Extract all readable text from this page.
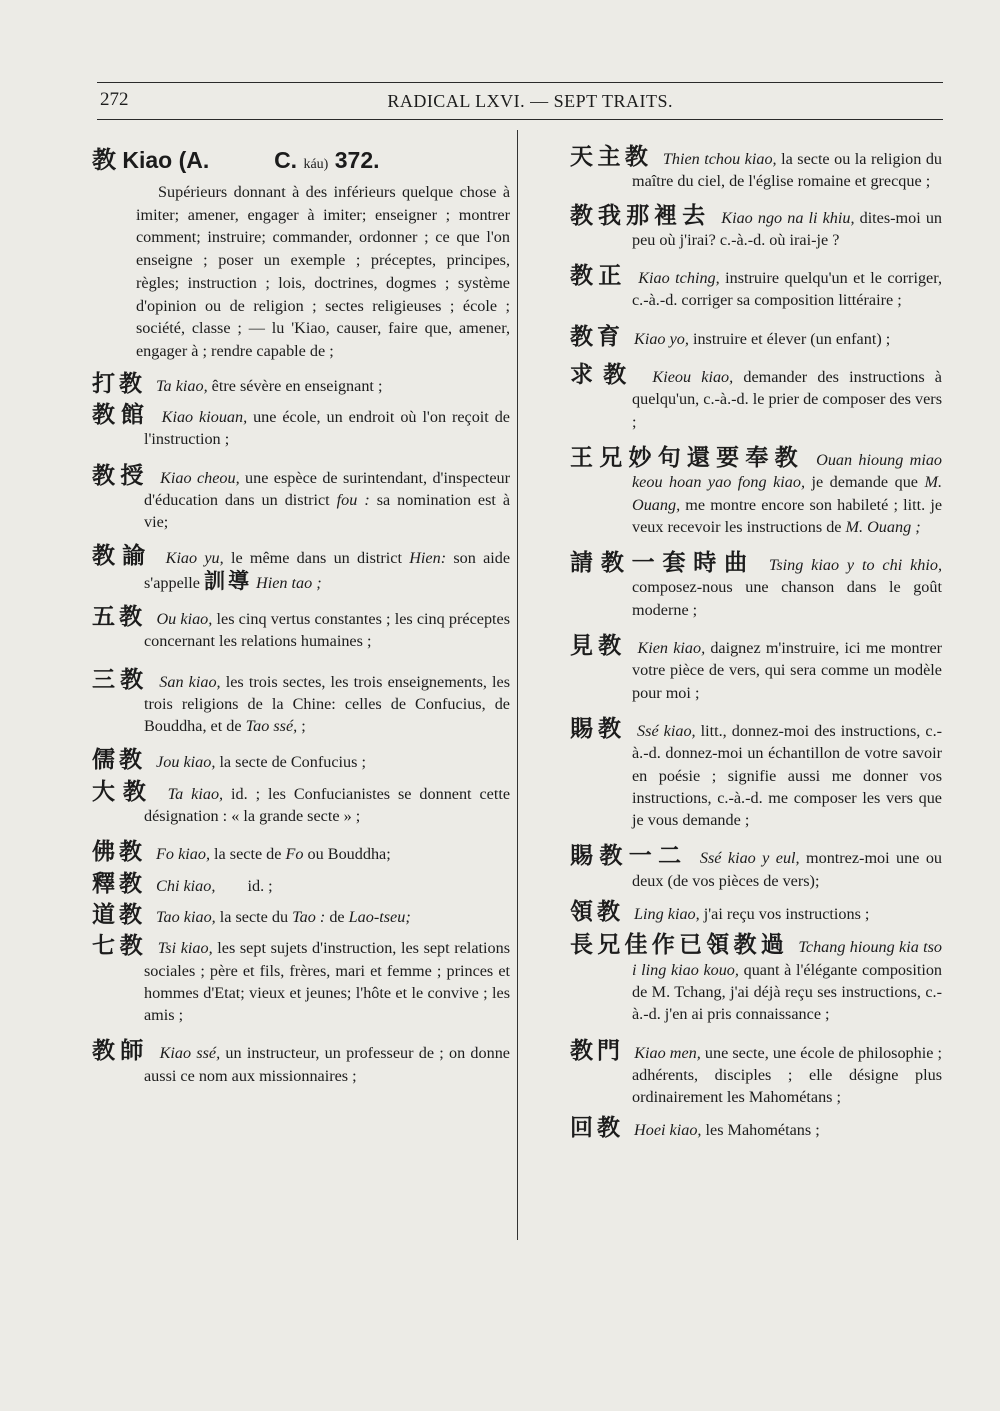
272	RADICAL LXVI. — SEPT TRAITS.
教 Kiao (A.	C. káu) 372.
Supérieurs donnant à des inférieurs quelque chose à imiter; amener, engager à imiter; enseigner ; montrer comment; instruire; commander, ordonner ; ce que l'on enseigne ; poser un exemple ; préceptes, principes, règles; instruction ; lois, doctrines, dogmes ; système d'opinion ou de religion ; sectes religieuses ; école ; société, classe ; — lu 'Kiao, causer, faire que, amener, engager à ; rendre capable de ;
打教 Ta kiao, être sévère en enseignant ;
教館 Kiao kiouan, une école, un endroit où l'on reçoit de l'instruction ;
教授 Kiao cheou, une espèce de surintendant, d'inspecteur d'éducation dans un district fou : sa nomination est à vie;
教諭 Kiao yu, le même dans un district Hien: son aide s'appelle 訓導 Hien tao ;
五教 Ou kiao, les cinq vertus constantes ; les cinq préceptes concernant les relations humaines ;
三教 San kiao, les trois sectes, les trois enseignements, les trois religions de la Chine: celles de Confucius, de Bouddha, et de Tao ssé, ;
儒教 Jou kiao, la secte de Confucius ;
大教 Ta kiao, id. ; les Confucianistes se donnent cette désignation : « la grande secte » ;
佛教 Fo kiao, la secte de Fo ou Bouddha;
釋教 Chi kiao, id. ;
道教 Tao kiao, la secte du Tao : de Lao-tseu;
七教 Tsi kiao, les sept sujets d'instruction, les sept relations sociales ; père et fils, frères, mari et femme ; princes et hommes d'Etat; vieux et jeunes; l'hôte et le convive ; les amis ;
教師 Kiao ssé, un instructeur, un professeur de ; on donne aussi ce nom aux missionnaires ;
天主教 Thien tchou kiao, la secte ou la religion du maître du ciel, de l'église romaine et grecque ;
教我那裡去 Kiao ngo na li khiu, dites-moi un peu où j'irai? c.-à.-d. où irai-je ?
教正 Kiao tching, instruire quelqu'un et le corriger, c.-à.-d. corriger sa composition littéraire ;
教育 Kiao yo, instruire et élever (un enfant) ;
求教 Kieou kiao, demander des instructions à quelqu'un, c.-à.-d. le prier de composer des vers ;
王兄妙句還要奉教 Ouan hioung miao keou hoan yao fong kiao, je demande que M. Ouang, me montre encore son habileté ; litt. je veux recevoir les instructions de M. Ouang ;
請教一套時曲 Tsing kiao y to chi khio, composez-nous une chanson dans le goût moderne ;
見教 Kien kiao, daignez m'instruire, ici me montrer votre pièce de vers, qui sera comme un modèle pour moi ;
賜教 Ssé kiao, litt., donnez-moi des instructions, c.-à.-d. donnez-moi un échantillon de votre savoir en poésie ; signifie aussi me donner vos instructions, c.-à.-d. me composer les vers que je vous demande ;
賜教一二 Ssé kiao y eul, montrez-moi une ou deux (de vos pièces de vers);
領教 Ling kiao, j'ai reçu vos instructions ;
長兄佳作已領教過 Tchang hioung kia tso i ling kiao kouo, quant à l'élégante composition de M. Tchang, j'ai déjà reçu ses instructions, c.-à.-d. j'en ai pris connaissance ;
教門 Kiao men, une secte, une école de philosophie ; adhérents, disciples ; elle désigne plus ordinairement les Mahométans ;
回教 Hoei kiao, les Mahométans ;
